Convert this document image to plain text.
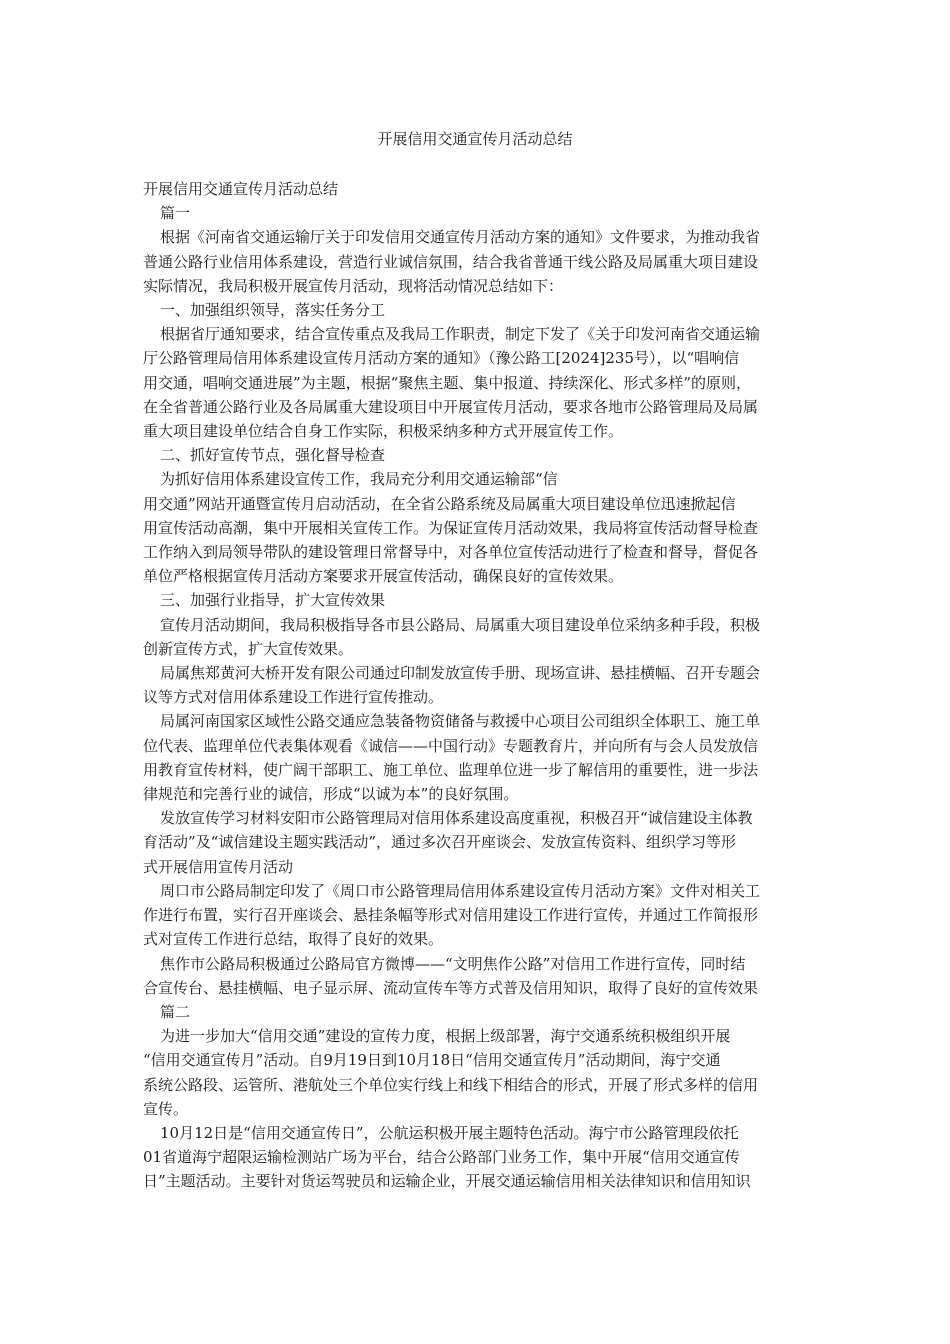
开展信用交通宣传月活动总结

开展信用交通宣传月活动总结

篇一

根据《河南省交通运输厅关于印发信用交通宣传月活动方案的通知》文件要求，为推动我省

普通公路行业信用体系建设，营造行业诚信氛围，结合我省普通干线公路及局属重大项目建设

实际情况，我局积极开展宣传月活动，现将活动情况总结如下：

一、加强组织领导，落实任务分工

根据省厅通知要求，结合宣传重点及我局工作职责，制定下发了《关于印发河南省交通运输

厅公路管理局信用体系建设宣传月活动方案的通知》（豫公路工[2024]235号），以“唱响信

用交通，唱响交通进展”为主题，根据“聚焦主题、集中报道、持续深化、形式多样”的原则，

在全省普通公路行业及各局属重大建设项目中开展宣传月活动，要求各地市公路管理局及局属

重大项目建设单位结合自身工作实际，积极采纳多种方式开展宣传工作。

二、抓好宣传节点，强化督导检查

为抓好信用体系建设宣传工作，我局充分利用交通运输部“信

用交通”网站开通暨宣传月启动活动，在全省公路系统及局属重大项目建设单位迅速掀起信

用宣传活动高潮，集中开展相关宣传工作。为保证宣传月活动效果，我局将宣传活动督导检查

工作纳入到局领导带队的建设管理日常督导中，对各单位宣传活动进行了检查和督导，督促各

单位严格根据宣传月活动方案要求开展宣传活动，确保良好的宣传效果。

三、加强行业指导，扩大宣传效果

宣传月活动期间，我局积极指导各市县公路局、局属重大项目建设单位采纳多种手段，积极

创新宣传方式，扩大宣传效果。

局属焦郑黄河大桥开发有限公司通过印制发放宣传手册、现场宣讲、悬挂横幅、召开专题会

议等方式对信用体系建设工作进行宣传推动。

局属河南国家区域性公路交通应急装备物资储备与救援中心项目公司组织全体职工、施工单

位代表、监理单位代表集体观看《诚信——中国行动》专题教育片，并向所有与会人员发放信

用教育宣传材料，使广阔干部职工、施工单位、监理单位进一步了解信用的重要性，进一步法

律规范和完善行业的诚信，形成“以诚为本”的良好氛围。

发放宣传学习材料安阳市公路管理局对信用体系建设高度重视，积极召开“诚信建设主体教

育活动”及“诚信建设主题实践活动”，通过多次召开座谈会、发放宣传资料、组织学习等形

式开展信用宣传月活动

周口市公路局制定印发了《周口市公路管理局信用体系建设宣传月活动方案》文件对相关工

作进行布置，实行召开座谈会、悬挂条幅等形式对信用建设工作进行宣传，并通过工作简报形

式对宣传工作进行总结，取得了良好的效果。

焦作市公路局积极通过公路局官方微博——“文明焦作公路”对信用工作进行宣传，同时结

合宣传台、悬挂横幅、电子显示屏、流动宣传车等方式普及信用知识，取得了良好的宣传效果

篇二

为进一步加大“信用交通”建设的宣传力度，根据上级部署，海宁交通系统积极组织开展

“信用交通宣传月”活动。自9月19日到10月18日“信用交通宣传月”活动期间，海宁交通

系统公路段、运管所、港航处三个单位实行线上和线下相结合的形式，开展了形式多样的信用

宣传。

10月12日是“信用交通宣传日”，公航运积极开展主题特色活动。海宁市公路管理段依托

01省道海宁超限运输检测站广场为平台，结合公路部门业务工作，集中开展“信用交通宣传

日”主题活动。主要针对货运驾驶员和运输企业，开展交通运输信用相关法律知识和信用知识
